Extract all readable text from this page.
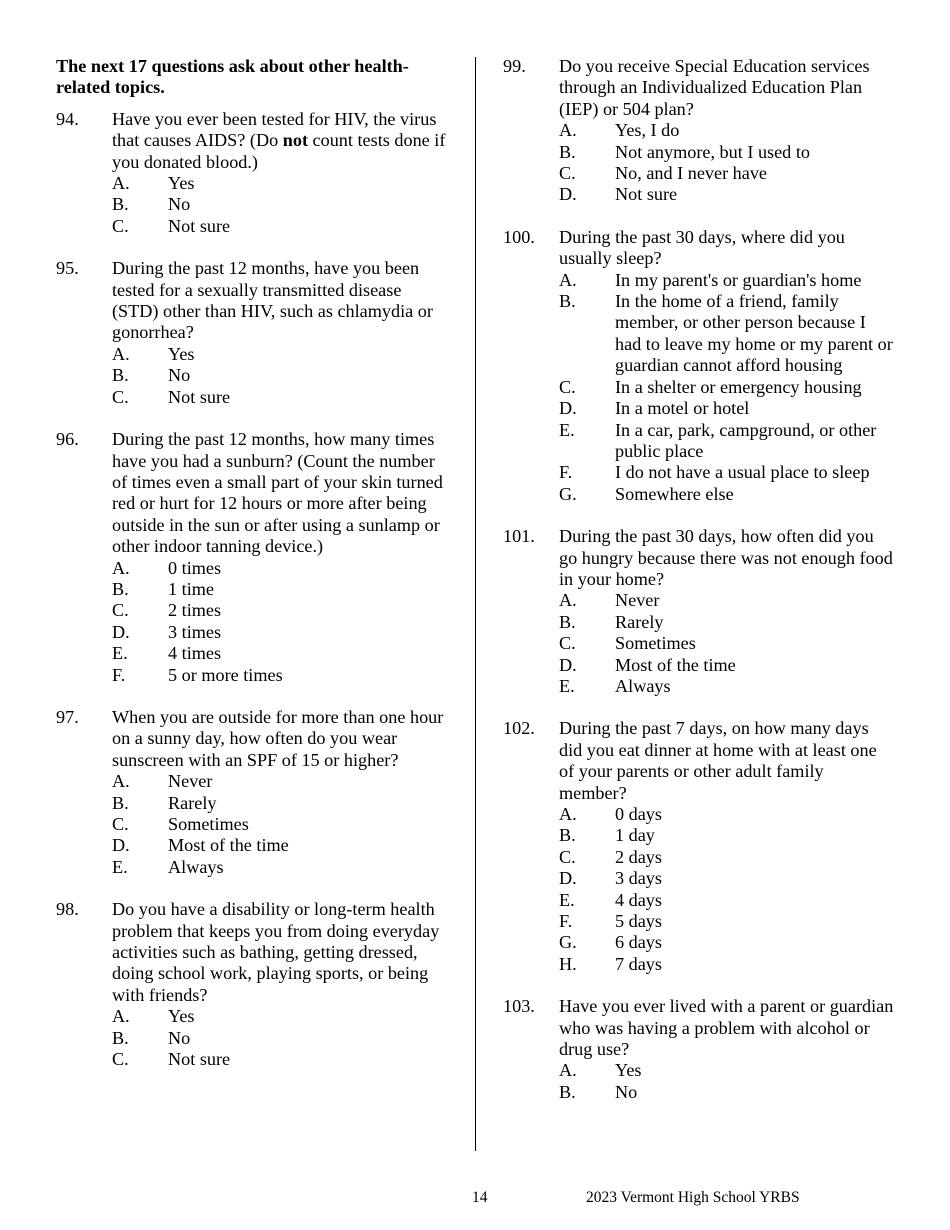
The next 17 questions ask about other health-related topics.
94. Have you ever been tested for HIV, the virus that causes AIDS? (Do not count tests done if you donated blood.)
A. Yes
B. No
C. Not sure
95. During the past 12 months, have you been tested for a sexually transmitted disease (STD) other than HIV, such as chlamydia or gonorrhea?
A. Yes
B. No
C. Not sure
96. During the past 12 months, how many times have you had a sunburn? (Count the number of times even a small part of your skin turned red or hurt for 12 hours or more after being outside in the sun or after using a sunlamp or other indoor tanning device.)
A. 0 times
B. 1 time
C. 2 times
D. 3 times
E. 4 times
F. 5 or more times
97. When you are outside for more than one hour on a sunny day, how often do you wear sunscreen with an SPF of 15 or higher?
A. Never
B. Rarely
C. Sometimes
D. Most of the time
E. Always
98. Do you have a disability or long-term health problem that keeps you from doing everyday activities such as bathing, getting dressed, doing school work, playing sports, or being with friends?
A. Yes
B. No
C. Not sure
99. Do you receive Special Education services through an Individualized Education Plan (IEP) or 504 plan?
A. Yes, I do
B. Not anymore, but I used to
C. No, and I never have
D. Not sure
100. During the past 30 days, where did you usually sleep?
A. In my parent's or guardian's home
B. In the home of a friend, family member, or other person because I had to leave my home or my parent or guardian cannot afford housing
C. In a shelter or emergency housing
D. In a motel or hotel
E. In a car, park, campground, or other public place
F. I do not have a usual place to sleep
G. Somewhere else
101. During the past 30 days, how often did you go hungry because there was not enough food in your home?
A. Never
B. Rarely
C. Sometimes
D. Most of the time
E. Always
102. During the past 7 days, on how many days did you eat dinner at home with at least one of your parents or other adult family member?
A. 0 days
B. 1 day
C. 2 days
D. 3 days
E. 4 days
F. 5 days
G. 6 days
H. 7 days
103. Have you ever lived with a parent or guardian who was having a problem with alcohol or drug use?
A. Yes
B. No
14	2023 Vermont High School YRBS
